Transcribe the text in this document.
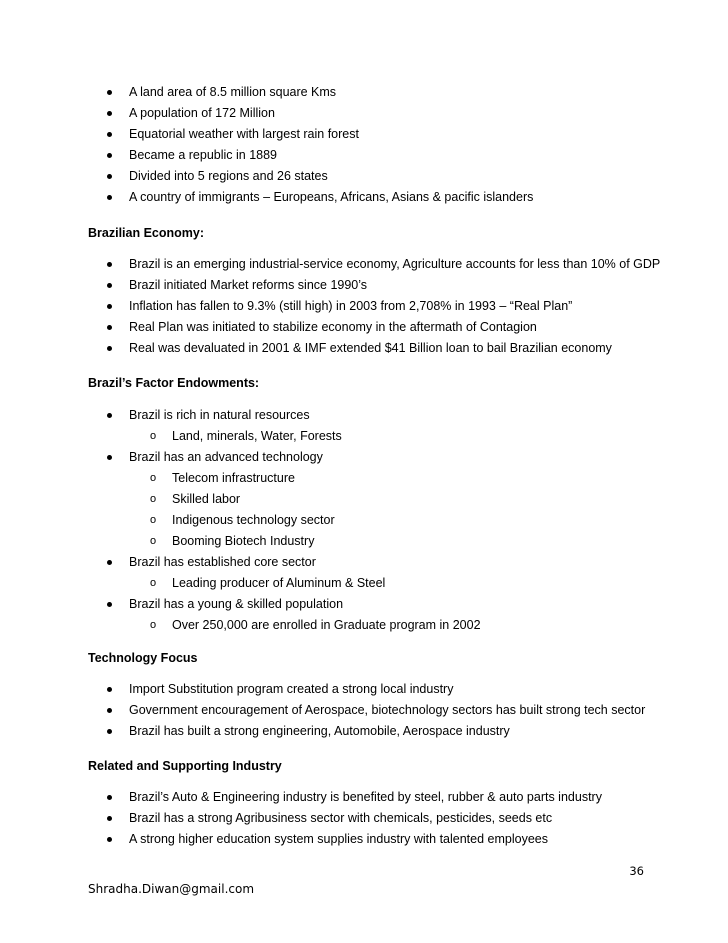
A land area of 8.5 million square Kms
A population of 172 Million
Equatorial weather with largest rain forest
Became a republic in 1889
Divided into 5 regions and 26 states
A country of immigrants – Europeans, Africans, Asians & pacific islanders
Brazilian Economy:
Brazil is an emerging industrial-service economy, Agriculture accounts for less than 10% of GDP
Brazil initiated Market reforms since 1990’s
Inflation has fallen to 9.3% (still high) in 2003 from 2,708% in 1993 – “Real Plan”
Real Plan was initiated to stabilize economy in the aftermath of Contagion
Real was devaluated in 2001 & IMF extended $41 Billion loan to bail Brazilian economy
Brazil’s Factor Endowments:
Brazil is rich in natural resources
o Land, minerals, Water, Forests
Brazil has an advanced technology
o Telecom infrastructure
o Skilled labor
o Indigenous technology sector
o Booming Biotech Industry
Brazil has established core sector
o Leading producer of Aluminum & Steel
Brazil has a young & skilled population
o Over 250,000 are enrolled in Graduate program in 2002
Technology Focus
Import Substitution program created a strong local industry
Government encouragement of Aerospace, biotechnology sectors has built strong tech sector
Brazil has built a strong engineering, Automobile, Aerospace industry
Related and Supporting Industry
Brazil’s Auto & Engineering industry is benefited by steel, rubber & auto parts industry
Brazil has a strong Agribusiness sector with chemicals, pesticides, seeds etc
A strong higher education system supplies industry with talented employees
36
Shradha.Diwan@gmail.com
